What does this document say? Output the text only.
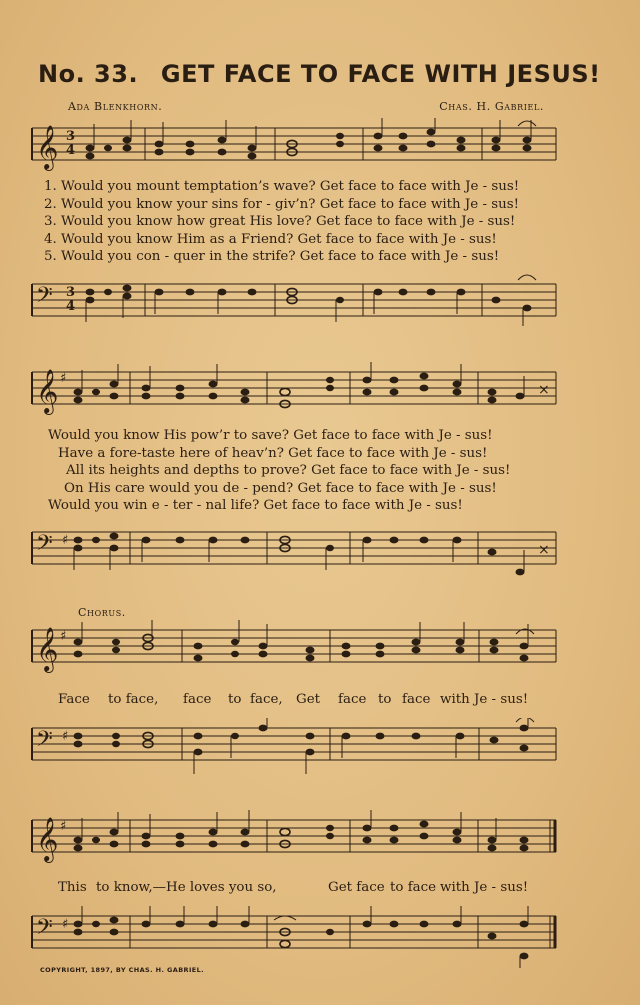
No. 33. GET FACE TO FACE WITH JESUS!
Ada Blenkhorn.	Chas. H. Gabriel.
𝄞 3
4
1. Would you mount temptation’s wave? Get face to face with Je - sus!
2. Would you know your sins for - giv’n? Get face to face with Je - sus!
3. Would you know how great His love? Get face to face with Je - sus!
4. Would you know Him as a Friend? Get face to face with Je - sus!
5. Would you con - quer in the strife? Get face to face with Je - sus!
𝄢 3
4
𝄞 ♯
⨯
Would you know His pow’r to save? Get face to face with Je - sus!
Have a fore-taste here of heav’n? Get face to face with Je - sus!
All its heights and depths to prove? Get face to face with Je - sus!
On His care would you de - pend? Get face to face with Je - sus!
Would you win e - ter - nal life? Get face to face with Je - sus!
𝄢 ♯
⨯
Chorus.
𝄞 ♯
Face to face, face to face, Get face to face with Je - sus!
𝄢 ♯
𝄞 ♯
This to know,—He loves you so,	Get face to face with Je - sus!
𝄢 ♯
COPYRIGHT, 1897, BY CHAS. H. GABRIEL.
